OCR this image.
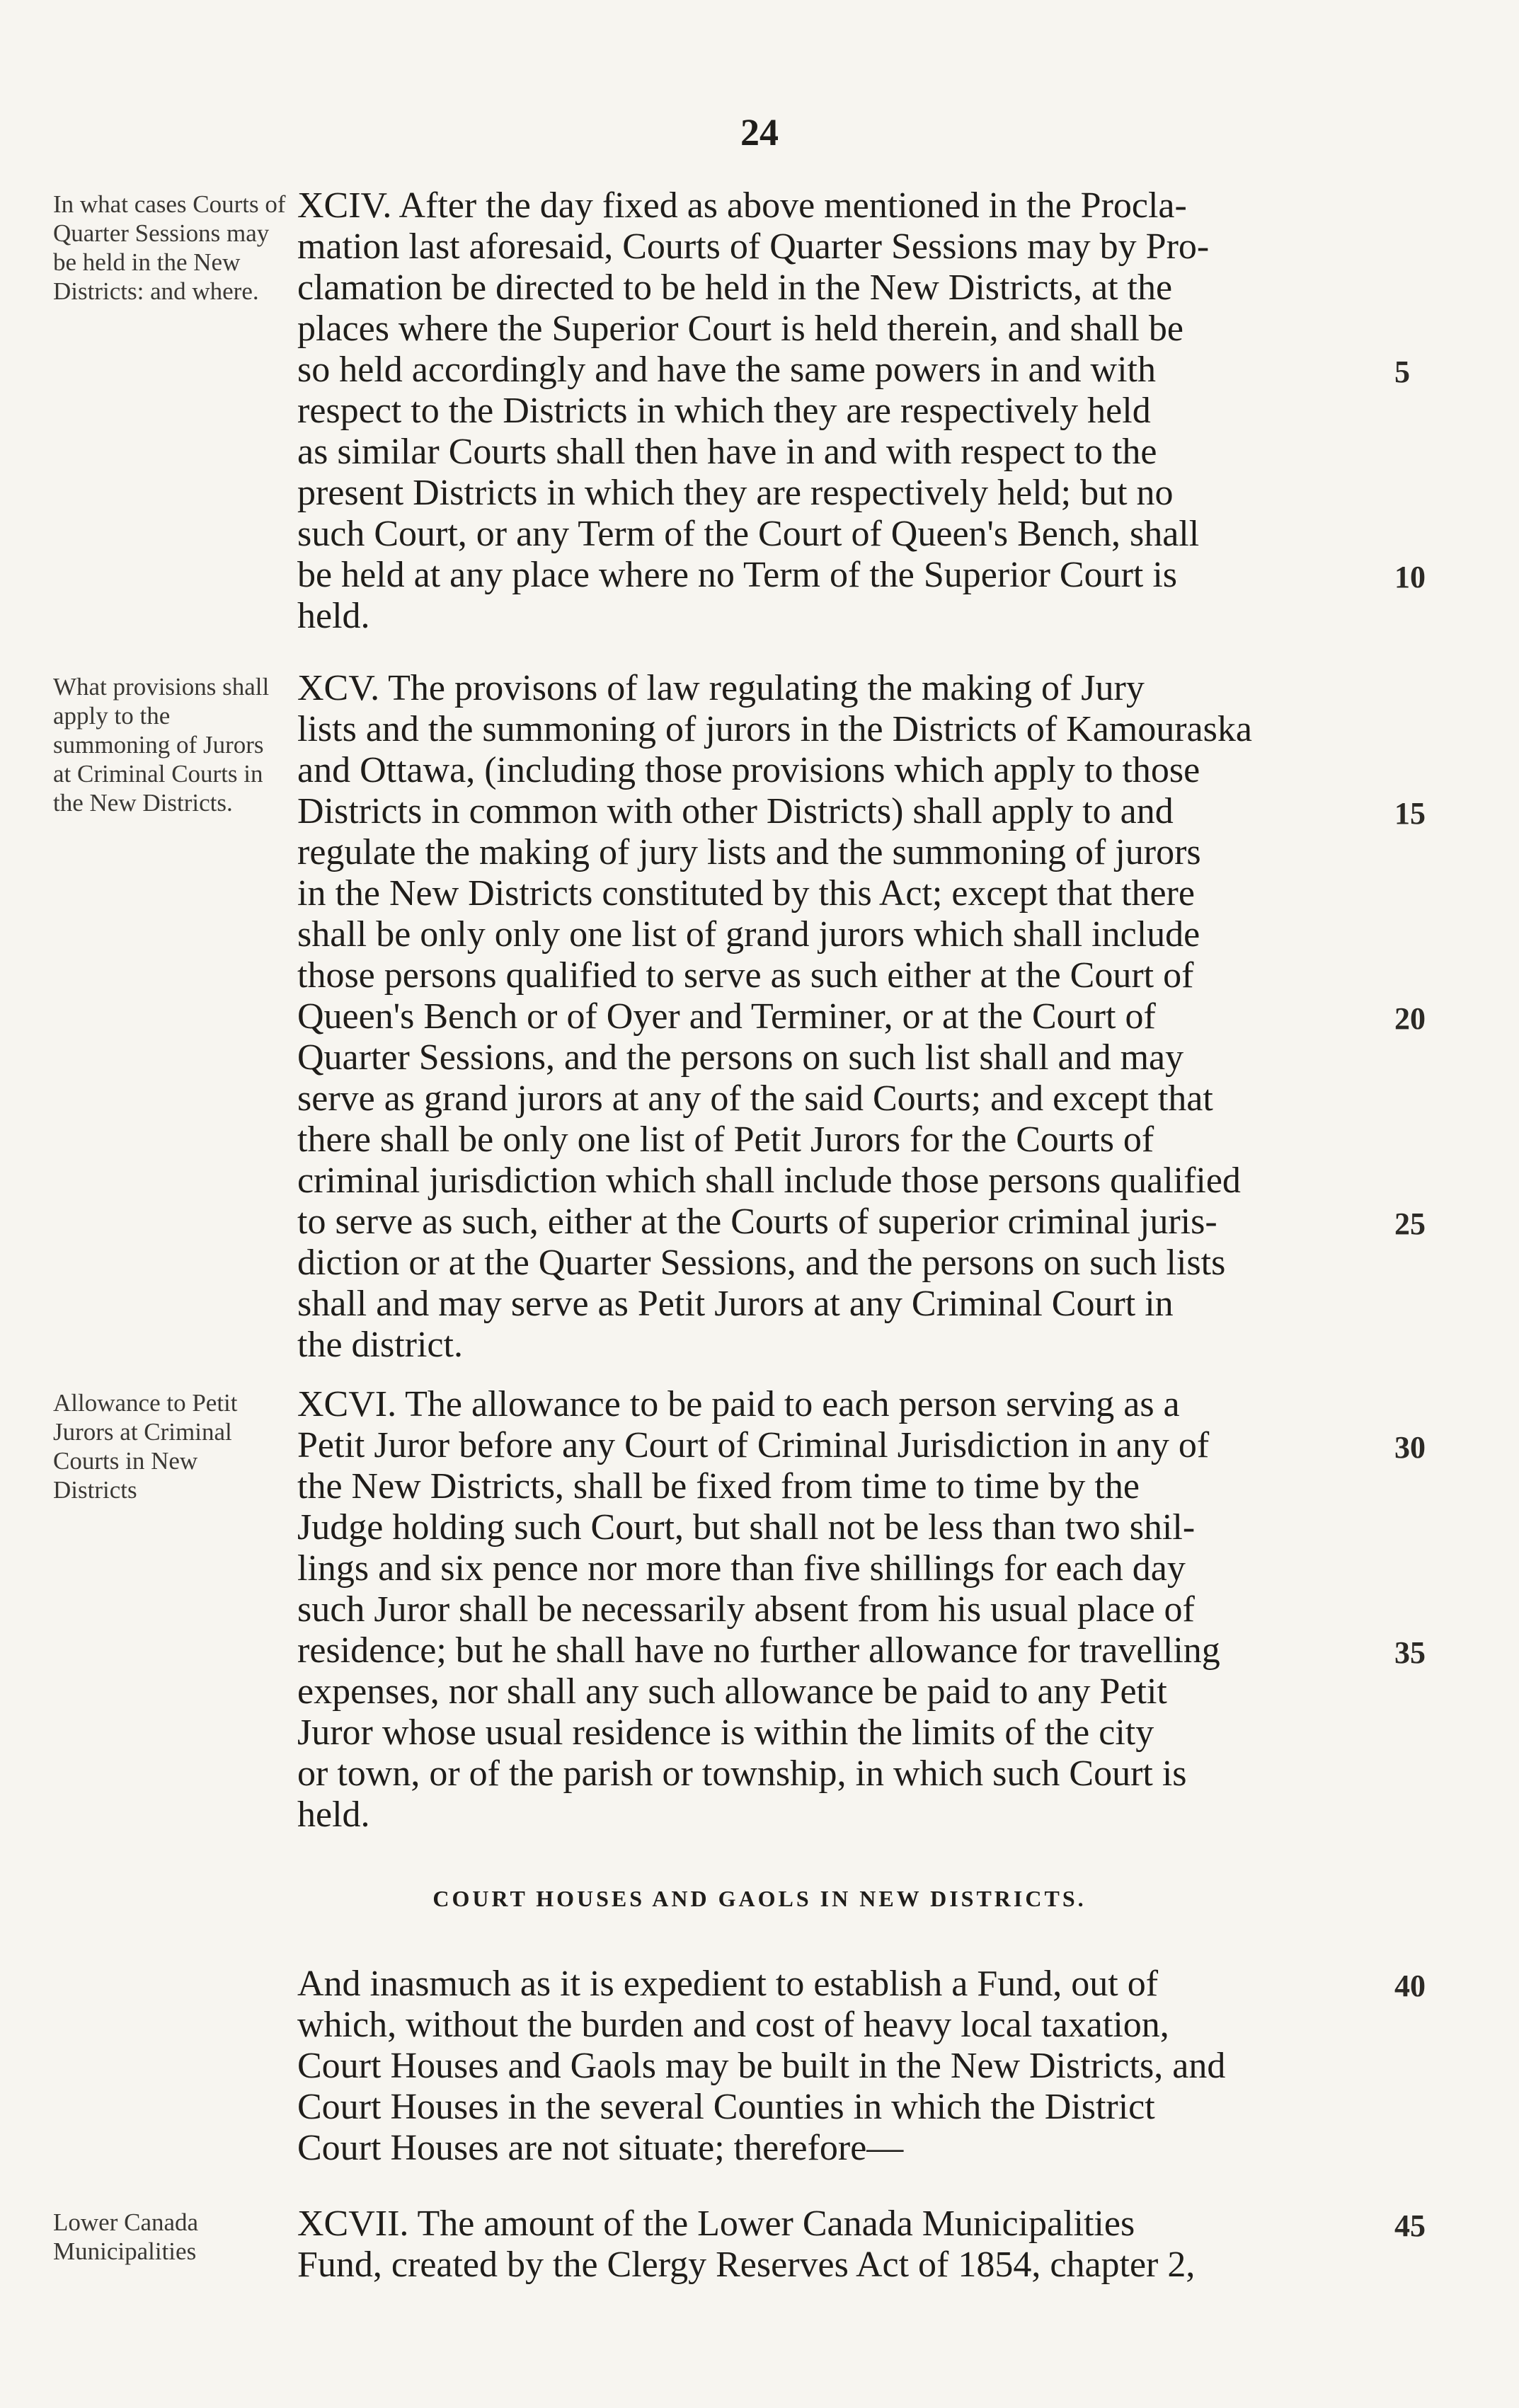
24
In what cases Courts of Quarter Sessions may be held in the New Districts: and where.
XCIV. After the day fixed as above mentioned in the Procla-
mation last aforesaid, Courts of Quarter Sessions may by Pro-
clamation be directed to be held in the New Districts, at the
places where the Superior Court is held therein, and shall be
so held accordingly and have the same powers in and with
respect to the Districts in which they are respectively held
as similar Courts shall then have in and with respect to the
present Districts in which they are respectively held; but no
such Court, or any Term of the Court of Queen's Bench, shall
be held at any place where no Term of the Superior Court is
held.
5
10
What provisions shall apply to the summoning of Jurors at Criminal Courts in the New Districts.
XCV. The provisons of law regulating the making of Jury
lists and the summoning of jurors in the Districts of Kamouraska
and Ottawa, (including those provisions which apply to those
Districts in common with other Districts) shall apply to and
regulate the making of jury lists and the summoning of jurors
in the New Districts constituted by this Act; except that there
shall be only only one list of grand jurors which shall include
those persons qualified to serve as such either at the Court of
Queen's Bench or of Oyer and Terminer, or at the Court of
Quarter Sessions, and the persons on such list shall and may
serve as grand jurors at any of the said Courts; and except that
there shall be only one list of Petit Jurors for the Courts of
criminal jurisdiction which shall include those persons qualified
to serve as such, either at the Courts of superior criminal juris-
diction or at the Quarter Sessions, and the persons on such lists
shall and may serve as Petit Jurors at any Criminal Court in
the district.
15
20
25
Allowance to Petit Jurors at Criminal Courts in New Districts
XCVI. The allowance to be paid to each person serving as a
Petit Juror before any Court of Criminal Jurisdiction in any of
the New Districts, shall be fixed from time to time by the
Judge holding such Court, but shall not be less than two shil-
lings and six pence nor more than five shillings for each day
such Juror shall be necessarily absent from his usual place of
residence; but he shall have no further allowance for travelling
expenses, nor shall any such allowance be paid to any Petit
Juror whose usual residence is within the limits of the city
or town, or of the parish or township, in which such Court is
held.
30
35
COURT HOUSES AND GAOLS IN NEW DISTRICTS.
And inasmuch as it is expedient to establish a Fund, out of
which, without the burden and cost of heavy local taxation,
Court Houses and Gaols may be built in the New Districts, and
Court Houses in the several Counties in which the District
Court Houses are not situate; therefore—
40
Lower Canada Municipalities
XCVII. The amount of the Lower Canada Municipalities
Fund, created by the Clergy Reserves Act of 1854, chapter 2,
45
